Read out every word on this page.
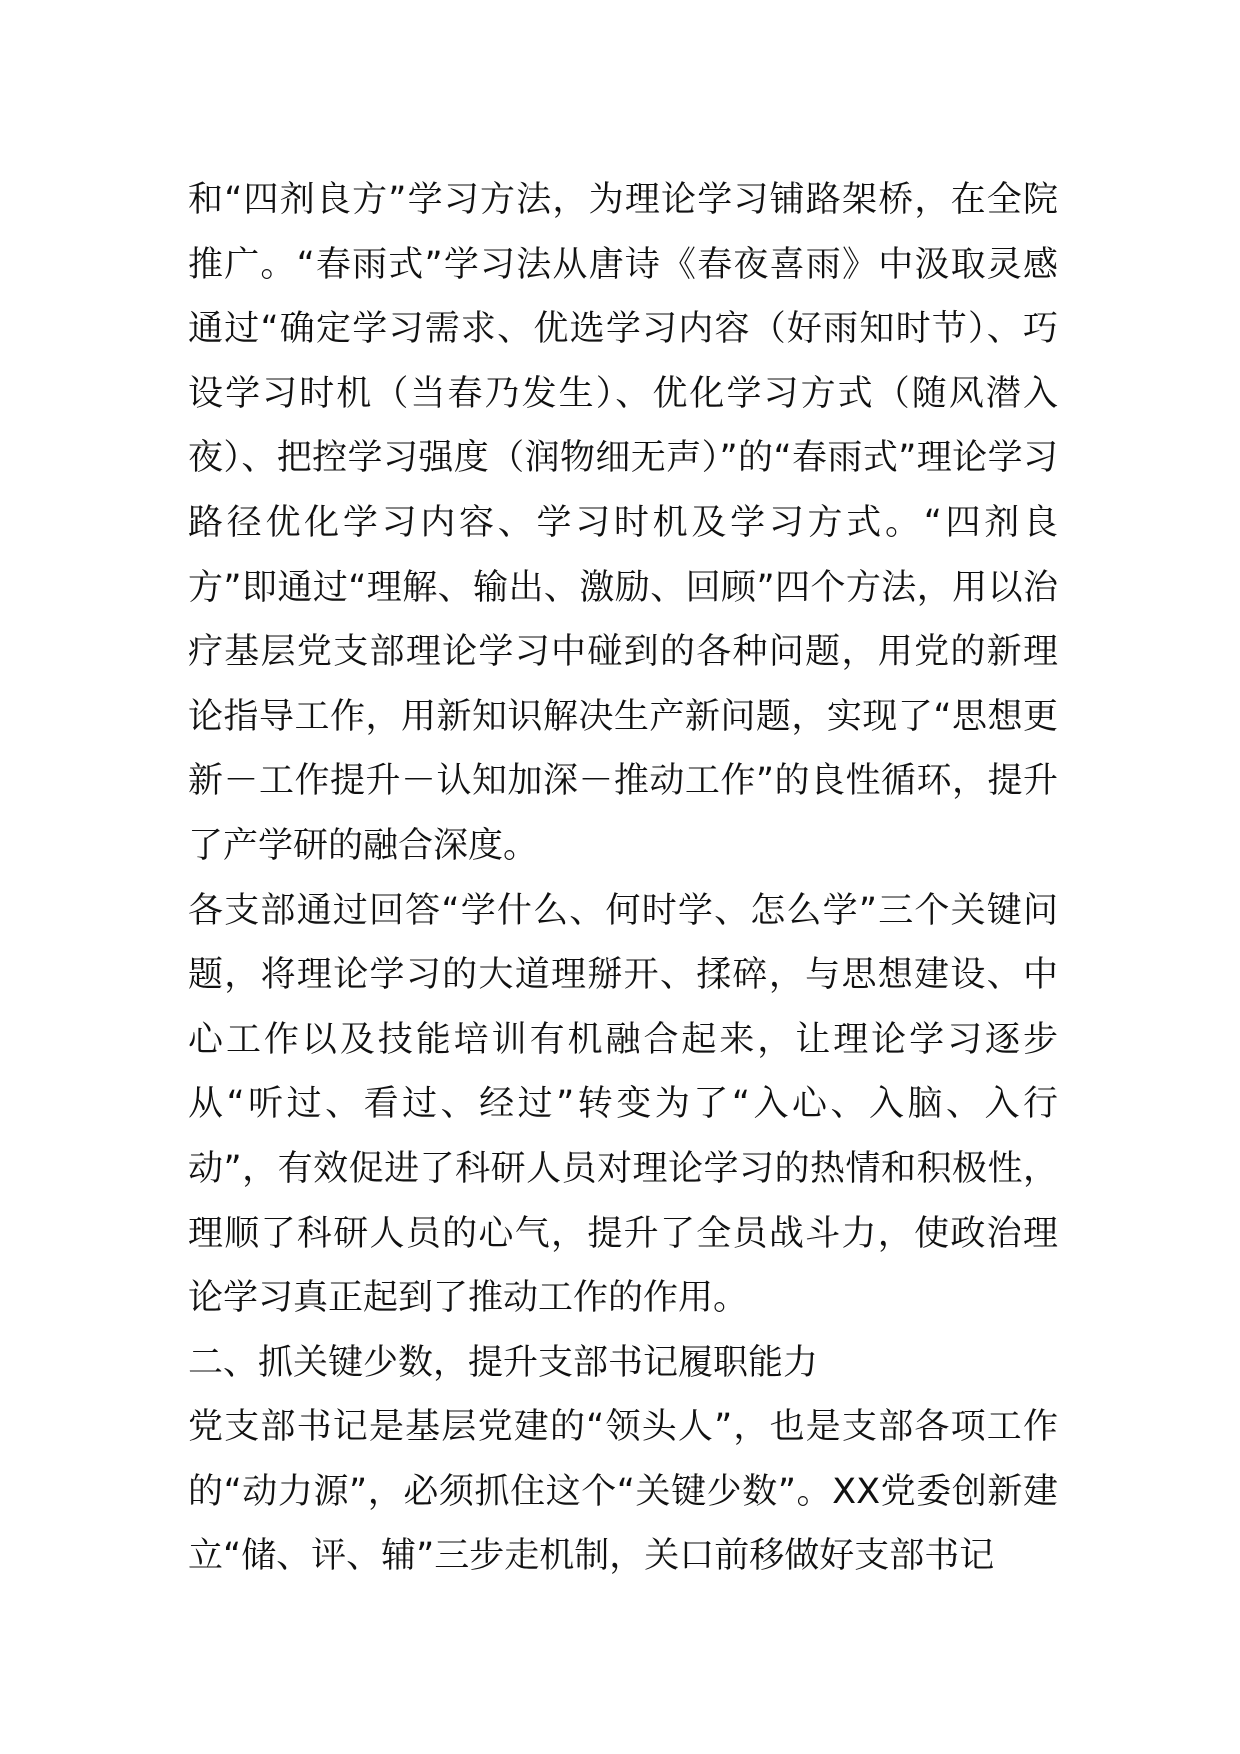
和“四剂良方”学习方法，为理论学习铺路架桥，在全院推广。“春雨式”学习法从唐诗《春夜喜雨》中汲取灵感通过“确定学习需求、优选学习内容（好雨知时节）、巧设学习时机（当春乃发生）、优化学习方式（随风潜入夜）、把控学习强度（润物细无声）”的“春雨式”理论学习路径优化学习内容、学习时机及学习方式。“四剂良方”即通过“理解、输出、激励、回顾”四个方法，用以治疗基层党支部理论学习中碰到的各种问题，用党的新理论指导工作，用新知识解决生产新问题，实现了“思想更新－工作提升－认知加深－推动工作”的良性循环，提升了产学研的融合深度。

各支部通过回答“学什么、何时学、怎么学”三个关键问题，将理论学习的大道理掰开、揉碎，与思想建设、中心工作以及技能培训有机融合起来，让理论学习逐步从“听过、看过、经过”转变为了“入心、入脑、入行动”，有效促进了科研人员对理论学习的热情和积极性，理顺了科研人员的心气，提升了全员战斗力，使政治理论学习真正起到了推动工作的作用。

二、抓关键少数，提升支部书记履职能力

党支部书记是基层党建的“领头人”，也是支部各项工作的“动力源”，必须抓住这个“关键少数”。XX党委创新建立“储、评、辅”三步走机制，关口前移做好支部书记
